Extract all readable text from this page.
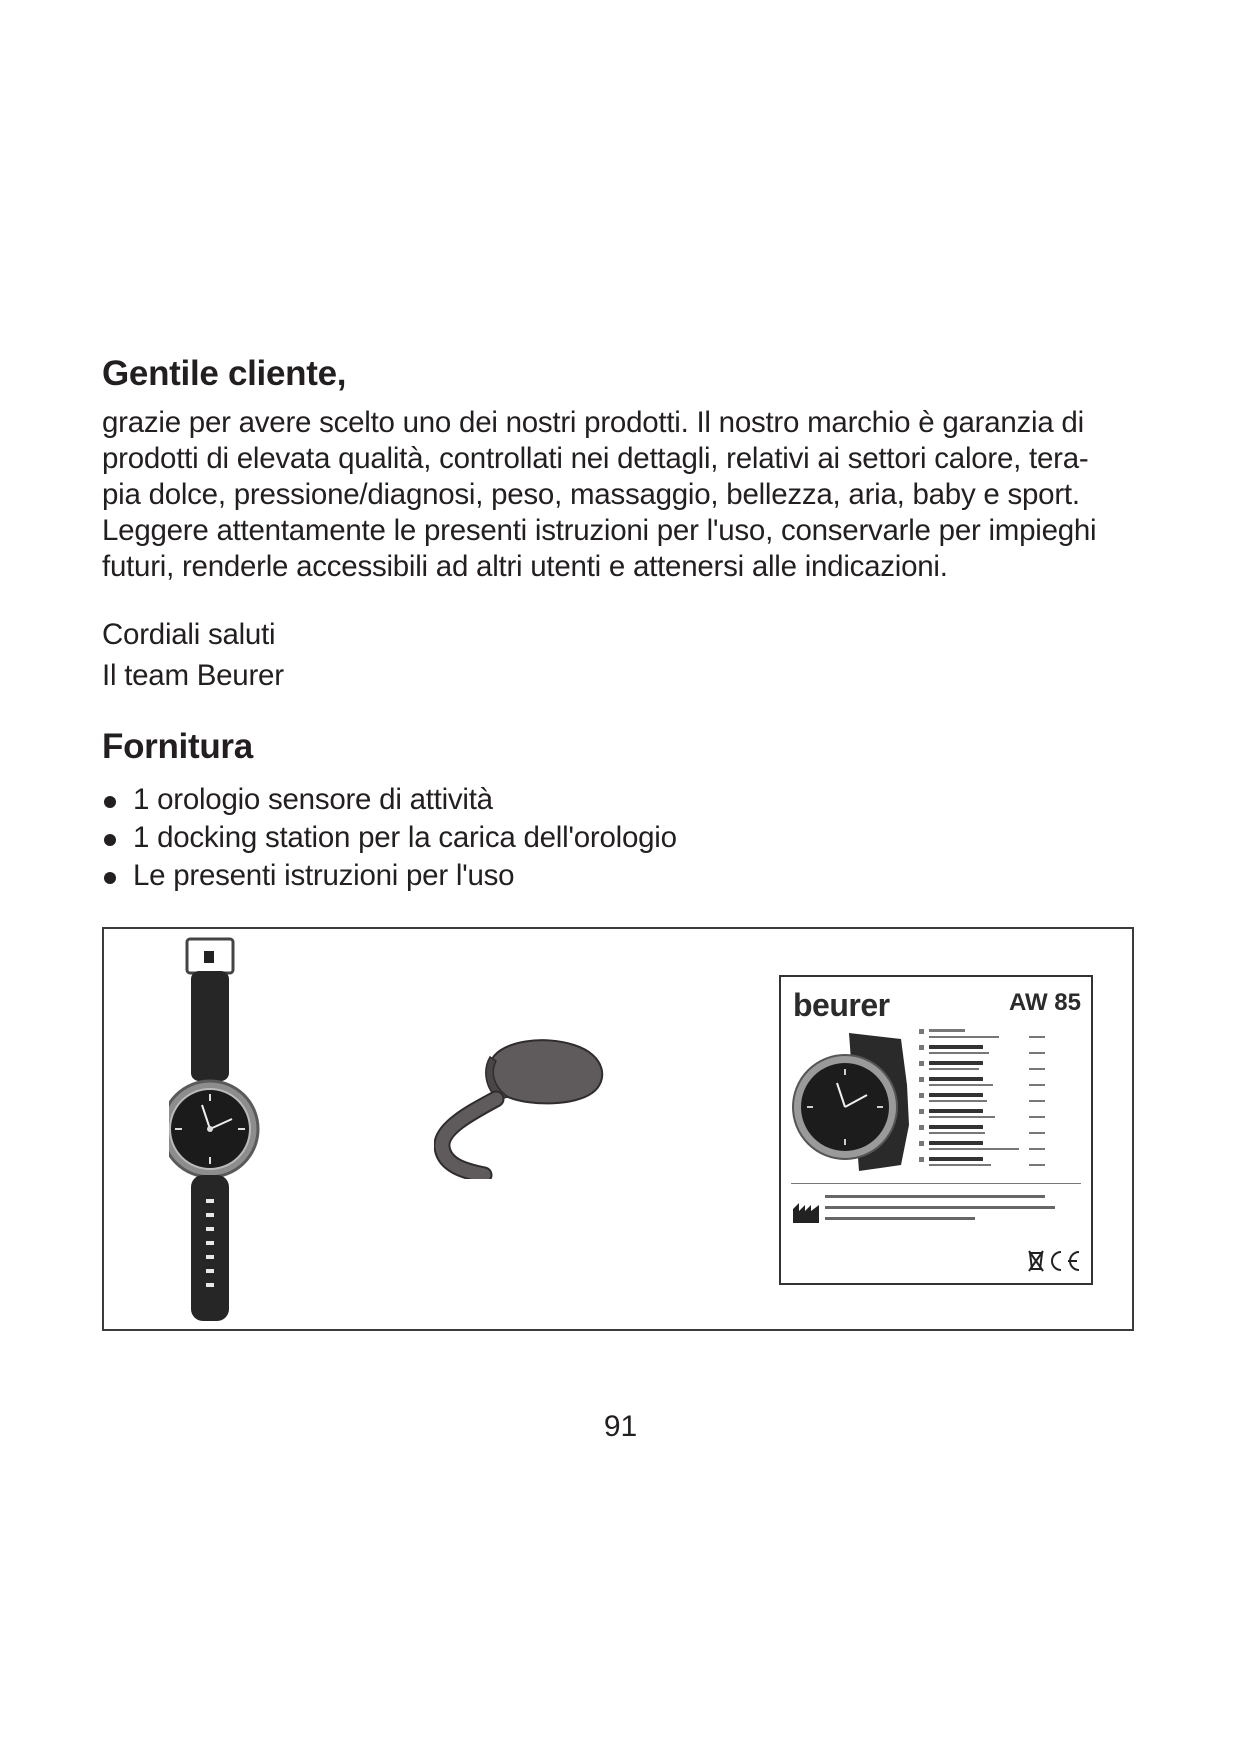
Gentile cliente,

grazie per avere scelto uno dei nostri prodotti. Il nostro marchio è garanzia di
prodotti di elevata qualità, controllati nei dettagli, relativi ai settori calore, tera-
pia dolce, pressione/diagnosi, peso, massaggio, bellezza, aria, baby e sport.
Leggere attentamente le presenti istruzioni per l'uso, conservarle per impieghi
futuri, renderle accessibili ad altri utenti e attenersi alle indicazioni.

Cordiali saluti
Il team Beurer

Fornitura
1 orologio sensore di attività
1 docking station per la carica dell'orologio
Le presenti istruzioni per l'uso
beurer	AW 85

91
